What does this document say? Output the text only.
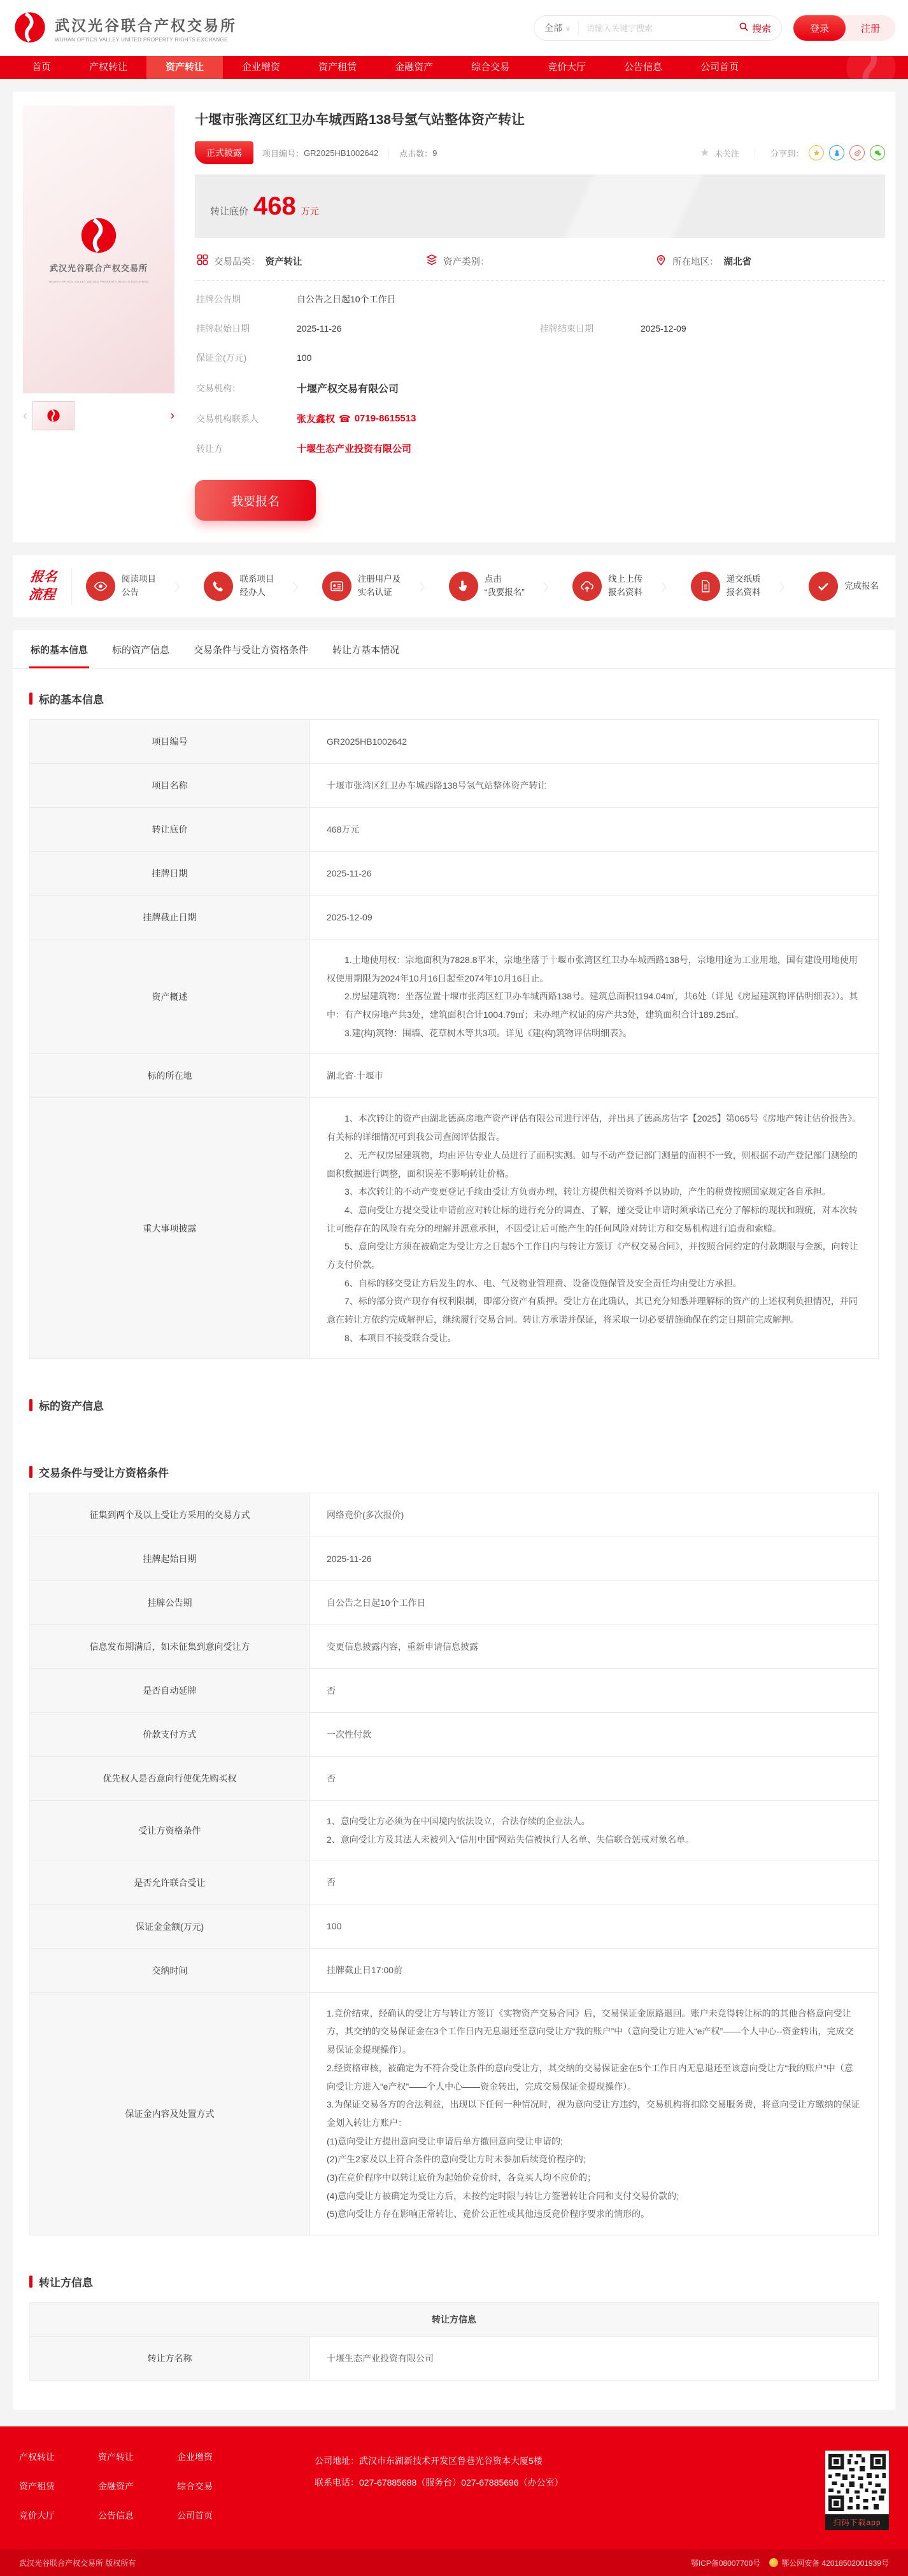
武汉光谷联合产权交易所
WUHAN OPTICS VALLEY UNITED PROPERTY RIGHTS EXCHANGE
全部 ∨
请输入关键字搜索	搜索	登录	注册
首页	产权转让	资产转让	企业增资	资产租赁	金融资产	综合交易	竞价大厅	公告信息	公司首页
武汉光谷联合产权交易所
WUHAN OPTICS VALLEY UNITED PROPERTY RIGHTS EXCHANGE
‹	›
十堰市张湾区红卫办车城西路138号氢气站整体资产转让
正式披露	项目编号： GR2025HB1002642 ｜ 点击数： 9	★ 未关注 ｜ 分享到：
转让底价 468 万元
交易品类： 资产转让	资产类别：	所在地区： 湖北省
挂牌公告期	自公告之日起10个工作日
挂牌起始日期	2025-11-26	挂牌结束日期	2025-12-09
保证金(万元)	100
交易机构：	十堰产权交易有限公司
交易机构联系人	张友鑫权 ☎ 0719-8615513
转让方	十堰生态产业投资有限公司
我要报名
报名
流程
阅读项目
公告	〉
联系项目
经办人	〉
注册用户及
实名认证	〉
点击
“我要报名” 〉
线上上传
报名资料 〉
递交纸质
报名资料 〉	完成报名
标的基本信息	标的资产信息	交易条件与受让方资格条件	转让方基本情况
标的基本信息
项目编号	GR2025HB1002642
项目名称	十堰市张湾区红卫办车城西路138号氢气站整体资产转让
转让底价	468万元
挂牌日期	2025-11-26
挂牌截止日期	2025-12-09
资产概述	1.土地使用权：宗地面积为7828.8平米，宗地坐落于十堰市张湾区红卫办车城西路138号，宗地用途为工业用地，国有建设用地使用权使用期限为2024年10月16日起至2074年10月16日止。

2.房屋建筑物：坐落位置十堰市张湾区红卫办车城西路138号。建筑总面积1194.04㎡，共6处（详见《房屋建筑物评估明细表》）。其中：有产权房地产共3处，建筑面积合计1004.79㎡；未办理产权证的房产共3处，建筑面积合计189.25㎡。

3.建(构)筑物：围墙、花草树木等共3项。详见《建(构)筑物评估明细表》。

标的所在地	湖北省·十堰市
重大事项披露	

1、本次转让的资产由湖北德高房地产资产评估有限公司进行评估，并出具了德高房估字【2025】第065号《房地产转让估价报告》。有关标的详细情况可到我公司查阅评估报告。

2、无产权房屋建筑物，均由评估专业人员进行了面积实测。如与不动产登记部门测量的面积不一致，则根据不动产登记部门测绘的面积数据进行调整，面积误差不影响转让价格。

3、本次转让的不动产变更登记手续由受让方负责办理，转让方提供相关资料予以协助，产生的税费按照国家规定各自承担。

4、意向受让方提交受让申请前应对转让标的进行充分的调查、了解，递交受让申请时须承诺已充分了解标的现状和瑕疵，对本次转让可能存在的风险有充分的理解并愿意承担，不因受让后可能产生的任何风险对转让方和交易机构进行追责和索赔。

5、意向受让方须在被确定为受让方之日起5个工作日内与转让方签订《产权交易合同》，并按照合同约定的付款期限与金额，向转让方支付价款。

6、自标的移交受让方后发生的水、电、气及物业管理费、设备设施保管及安全责任均由受让方承担。

7、标的部分资产现存有权利限制，即部分资产有质押。受让方在此确认，其已充分知悉并理解标的资产的上述权利负担情况，并同意在转让方依约完成解押后，继续履行交易合同。转让方承诺并保证，将采取一切必要措施确保在约定日期前完成解押。

8、本项目不接受联合受让。

标的资产信息
交易条件与受让方资格条件
征集到两个及以上受让方采用的交易方式	网络竞价(多次报价)
挂牌起始日期	2025-11-26
挂牌公告期	自公告之日起10个工作日
信息发布期满后，如未征集到意向受让方	变更信息披露内容，重新申请信息披露
是否自动延牌	否
价款支付方式	一次性付款
优先权人是否意向行使优先购买权	否
受让方资格条件	1、意向受让方必须为在中国境内依法设立，合法存续的企业法人。

2、意向受让方及其法人未被列入“信用中国”网站失信被执行人名单、失信联合惩戒对象名单。

是否允许联合受让	否
保证金金额(万元)	100
交纳时间	挂牌截止日17:00前
保证金内容及处置方式	

1.竞价结束，经确认的受让方与转让方签订《实物资产交易合同》后，交易保证金原路退回。账户未竞得转让标的的其他合格意向受让方，其交纳的交易保证金在3个工作日内无息退还至意向受让方“我的账户”中（意向受让方进入“e产权”——个人中心--资金转出，完成交易保证金提现操作）。

2.经资格审核，被确定为不符合受让条件的意向受让方，其交纳的交易保证金在5个工作日内无息退还至该意向受让方“我的账户”中（意向受让方进入“e产权”——个人中心——资金转出，完成交易保证金提现操作）。

3.为保证交易各方的合法利益，出现以下任何一种情况时，视为意向受让方违约，交易机构将扣除交易服务费，将意向受让方缴纳的保证金划入转让方账户：

(1)意向受让方提出意向受让申请后单方撤回意向受让申请的;

(2)产生2家及以上符合条件的意向受让方时未参加后续竞价程序的;

(3)在竞价程序中以转让底价为起始价竞价时，各竞买人均不应价的；

(4)意向受让方被确定为受让方后，未按约定时限与转让方签署转让合同和支付交易价款的;

(5)意向受让方存在影响正常转让、竞价公正性或其他违反竞价程序要求的情形的。

转让方信息
转让方信息
转让方名称	十堰生态产业投资有限公司
产权转让	资产转让	企业增资
资产租赁	金融资产	综合交易
竞价大厅	公告信息	公司首页
公司地址：武汉市东湖新技术开发区鲁巷光谷资本大厦5楼
联系电话：027-67885688（服务台）027-67885696（办公室）
扫码下载app
武汉光谷联合产权交易所 版权所有	鄂ICP备08007700号	鄂公网安备 42018502001939号
